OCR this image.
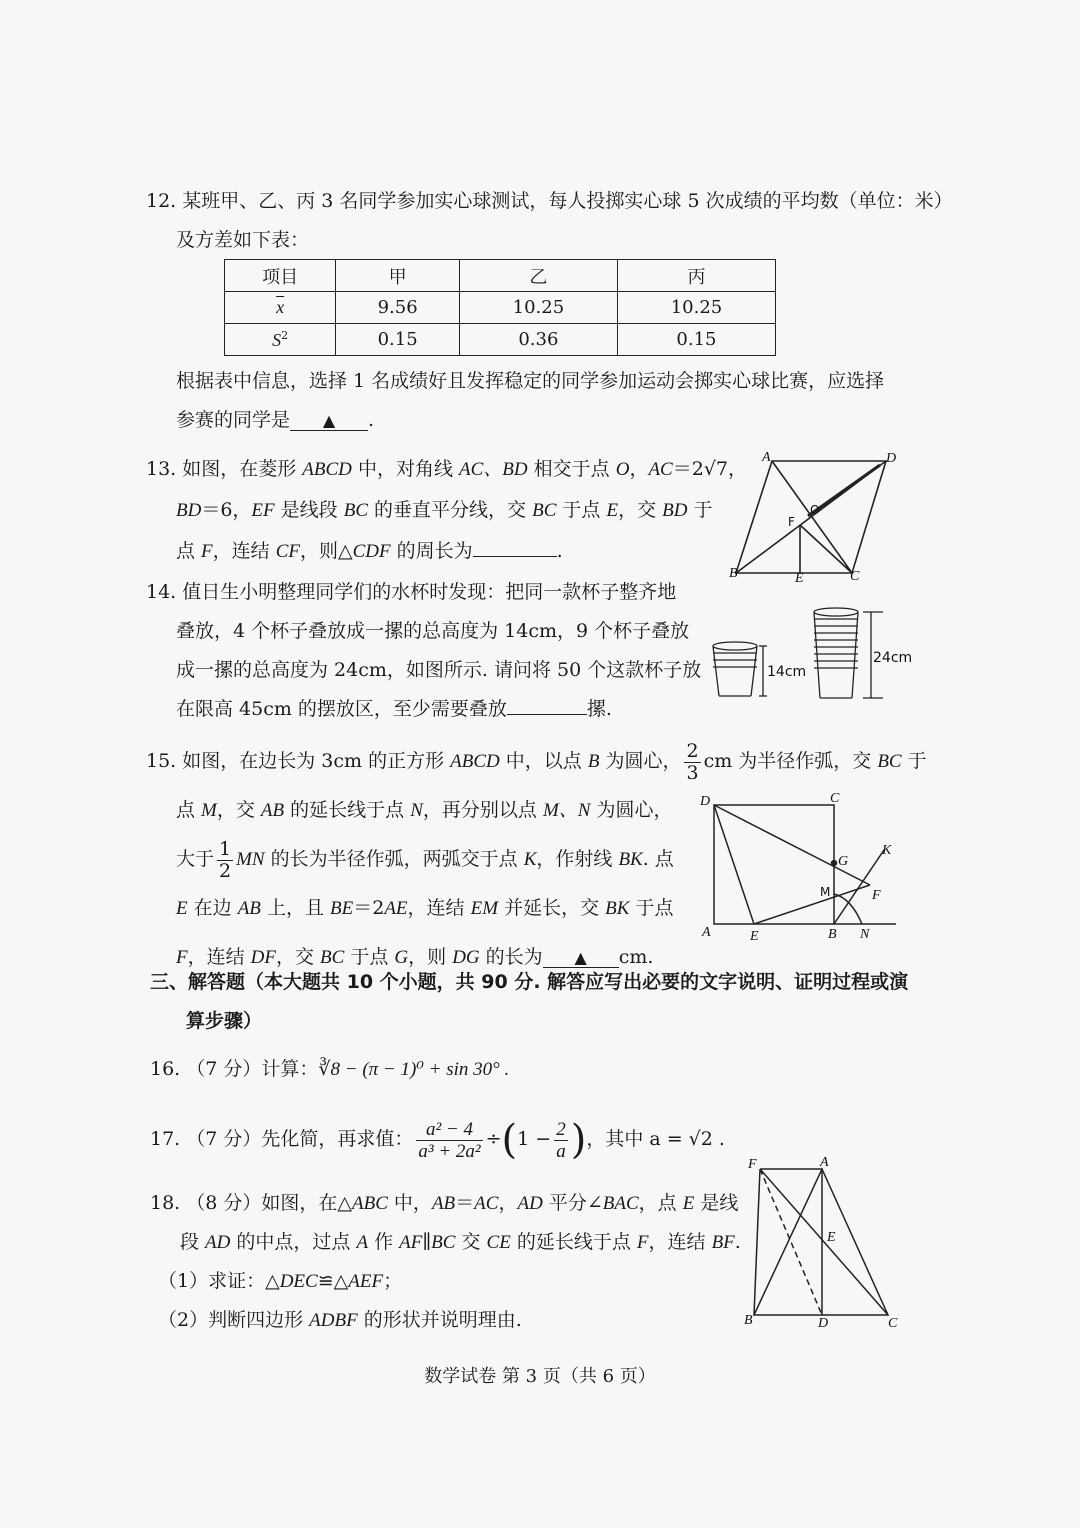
12. 某班甲、乙、丙 3 名同学参加实心球测试，每人投掷实心球 5 次成绩的平均数（单位：米）
及方差如下表：
项目	甲	乙	丙
$\overline{x}$	9.56	10.25	10.25
$S^2$	0.15	0.36	0.15
根据表中信息，选择 1 名成绩好且发挥稳定的同学参加运动会掷实心球比赛，应选择
参赛的同学是 ▲ .
13. 如图，在菱形 ABCD 中，对角线 AC、BD 相交于点 O，AC＝2√7，
BD＝6，EF 是线段 BC 的垂直平分线，交 BC 于点 E，交 BD 于
点 F，连结 CF，则△CDF 的周长为	.
A	D
B	C
E
F
O
14. 值日生小明整理同学们的水杯时发现：把同一款杯子整齐地
叠放，4 个杯子叠放成一摞的总高度为 14cm，9 个杯子叠放
成一摞的总高度为 24cm，如图所示. 请问将 50 个这款杯子放
在限高 45cm 的摆放区，至少需要叠放	摞.
14cm
24cm
15. 如图，在边长为 3cm 的正方形 ABCD 中，以点 B 为圆心， $\frac{2}{3}$ cm 为半径作弧，交 BC 于
点 M，交 AB 的延长线于点 N，再分别以点 M、N 为圆心，
大于 $\frac{1}{2}$ MN 的长为半径作弧，两弧交于点 K，作射线 BK. 点
E 在边 AB 上，且 BE＝2AE，连结 EM 并延长，交 BK 于点
F，连结 DF，交 BC 于点 G，则 DG 的长为 ▲ cm.
D	C
A	E	B N
G
M	F
K
三、解答题（本大题共 10 个小题，共 90 分. 解答应写出必要的文字说明、证明过程或演
算步骤）
16. （7 分）计算：∛8 − (π − 1)⁰ + sin 30° .
17. （7 分）先化简，再求值： $\frac{\text{a² − 4}}{\text{a³ + 2a²}} \div(1 - \frac{2}{a}$ )，其中 a = √2 .
18. （8 分）如图，在△ABC 中，AB＝AC，AD 平分∠BAC，点 E 是线
段 AD 的中点，过点 A 作 AF∥BC 交 CE 的延长线于点 F，连结 BF.
（1）求证：△DEC≌△AEF；
（2）判断四边形 ADBF 的形状并说明理由.
F	A
E
B	D	C
数学试卷 第 3 页（共 6 页）
